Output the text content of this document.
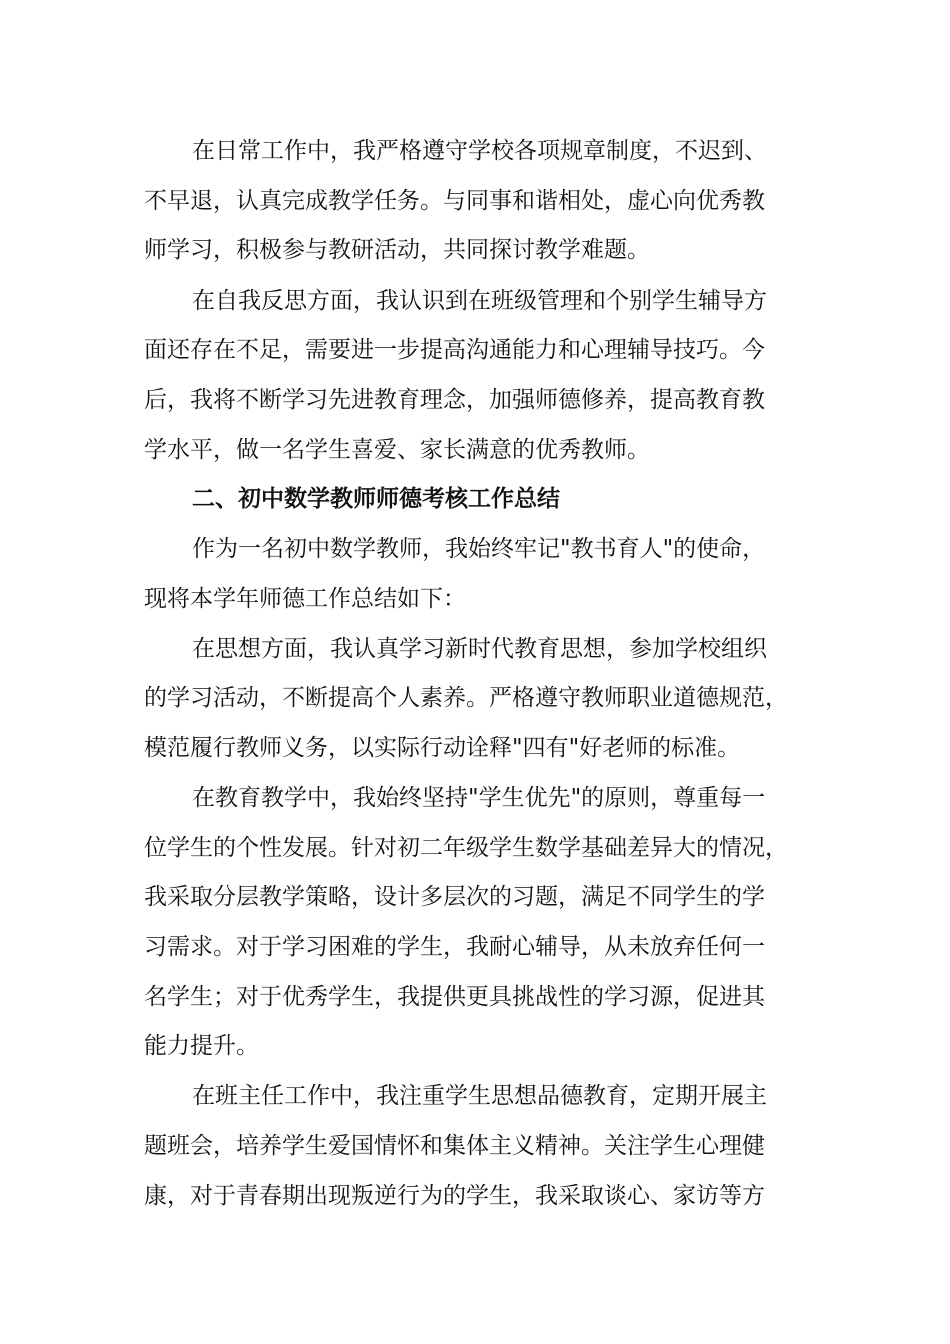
在日常工作中，我严格遵守学校各项规章制度，不迟到、
不早退，认真完成教学任务。与同事和谐相处，虚心向优秀教
师学习，积极参与教研活动，共同探讨教学难题。
在自我反思方面，我认识到在班级管理和个别学生辅导方
面还存在不足，需要进一步提高沟通能力和心理辅导技巧。今
后，我将不断学习先进教育理念，加强师德修养，提高教育教
学水平，做一名学生喜爱、家长满意的优秀教师。
二、初中数学教师师德考核工作总结
作为一名初中数学教师，我始终牢记"教书育人"的使命，
现将本学年师德工作总结如下：
在思想方面，我认真学习新时代教育思想，参加学校组织
的学习活动，不断提高个人素养。严格遵守教师职业道德规范，
模范履行教师义务，以实际行动诠释"四有"好老师的标准。
在教育教学中，我始终坚持"学生优先"的原则，尊重每一
位学生的个性发展。针对初二年级学生数学基础差异大的情况，
我采取分层教学策略，设计多层次的习题，满足不同学生的学
习需求。对于学习困难的学生，我耐心辅导，从未放弃任何一
名学生；对于优秀学生，我提供更具挑战性的学习源，促进其
能力提升。
在班主任工作中，我注重学生思想品德教育，定期开展主
题班会，培养学生爱国情怀和集体主义精神。关注学生心理健
康，对于青春期出现叛逆行为的学生，我采取谈心、家访等方
